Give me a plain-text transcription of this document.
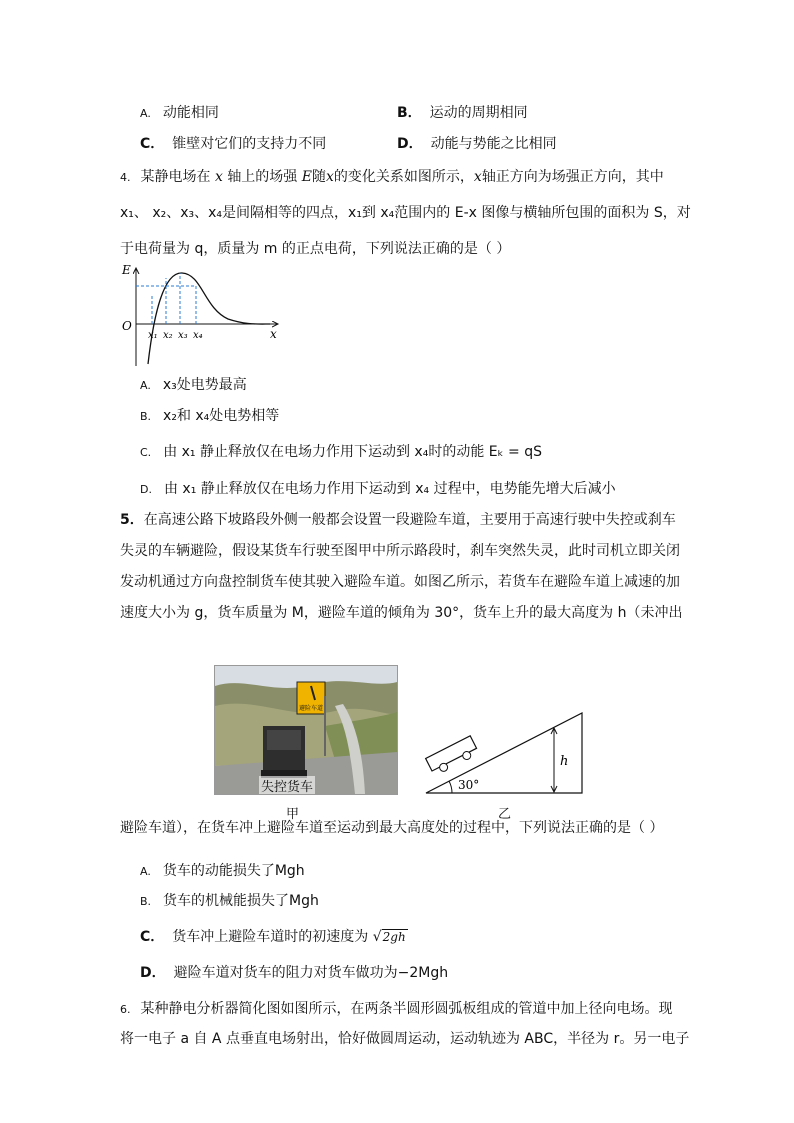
A. 动能相同	B． 运动的周期相同
C． 锥壁对它们的支持力不同	D． 动能与势能之比相同
4. 某静电场在 x 轴上的场强 E随x的变化关系如图所示，x轴正方向为场强正方向，其中
x₁、 x₂、x₃、x₄是间隔相等的四点，x₁到 x₄范围内的 E-x 图像与横轴所包围的面积为 S，对
于电荷量为 q，质量为 m 的正点电荷，下列说法正确的是（ ）
E
O
x
x₁ x₂ x₃ x₄
A. x₃处电势最高
B. x₂和 x₄处电势相等
C. 由 x₁ 静止释放仅在电场力作用下运动到 x₄时的动能 Eₖ = qS
D. 由 x₁ 静止释放仅在电场力作用下运动到 x₄ 过程中，电势能先增大后减小
5．在高速公路下坡路段外侧一般都会设置一段避险车道，主要用于高速行驶中失控或刹车
失灵的车辆避险，假设某货车行驶至图甲中所示路段时，刹车突然失灵，此时司机立即关闭
发动机通过方向盘控制货车使其驶入避险车道。如图乙所示，若货车在避险车道上减速的加
速度大小为 g，货车质量为 M，避险车道的倾角为 30°，货车上升的最大高度为 h（未冲出
避险车道
失控货车
甲
h
30°
乙
避险车道），在货车冲上避险车道至运动到最大高度处的过程中，下列说法正确的是（ ）
A. 货车的动能损失了Mgh
B. 货车的机械能损失了Mgh
C． 货车冲上避险车道时的初速度为 √2gh
D． 避险车道对货车的阻力对货车做功为−2Mgh
6. 某种静电分析器简化图如图所示，在两条半圆形圆弧板组成的管道中加上径向电场。现
将一电子 a 自 A 点垂直电场射出，恰好做圆周运动，运动轨迹为 ABC，半径为 r。另一电子
